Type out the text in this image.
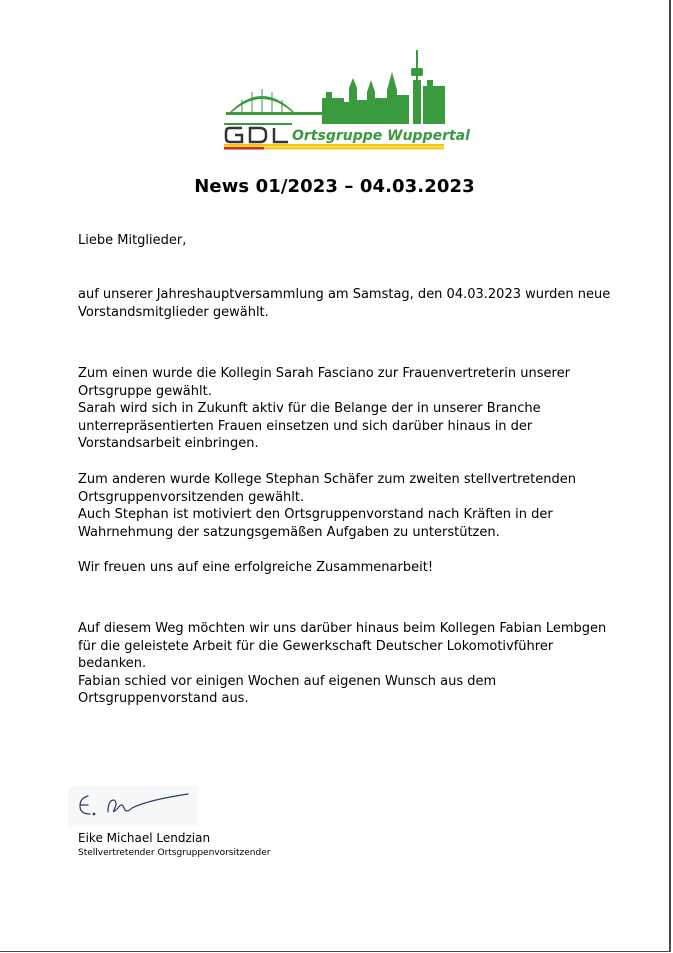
Ortsgruppe Wuppertal
News 01/2023 – 04.03.2023
Liebe Mitglieder,
auf unserer Jahreshauptversammlung am Samstag, den 04.03.2023 wurden neue
Vorstandsmitglieder gewählt.
Zum einen wurde die Kollegin Sarah Fasciano zur Frauenvertreterin unserer
Ortsgruppe gewählt.
Sarah wird sich in Zukunft aktiv für die Belange der in unserer Branche
unterrepräsentierten Frauen einsetzen und sich darüber hinaus in der
Vorstandsarbeit einbringen.
Zum anderen wurde Kollege Stephan Schäfer zum zweiten stellvertretenden
Ortsgruppenvorsitzenden gewählt.
Auch Stephan ist motiviert den Ortsgruppenvorstand nach Kräften in der
Wahrnehmung der satzungsgemäßen Aufgaben zu unterstützen.
Wir freuen uns auf eine erfolgreiche Zusammenarbeit!
Auf diesem Weg möchten wir uns darüber hinaus beim Kollegen Fabian Lembgen
für die geleistete Arbeit für die Gewerkschaft Deutscher Lokomotivführer bedanken.
Fabian schied vor einigen Wochen auf eigenen Wunsch aus dem
Ortsgruppenvorstand aus.
Eike Michael Lendzian
Stellvertretender Ortsgruppenvorsitzender
